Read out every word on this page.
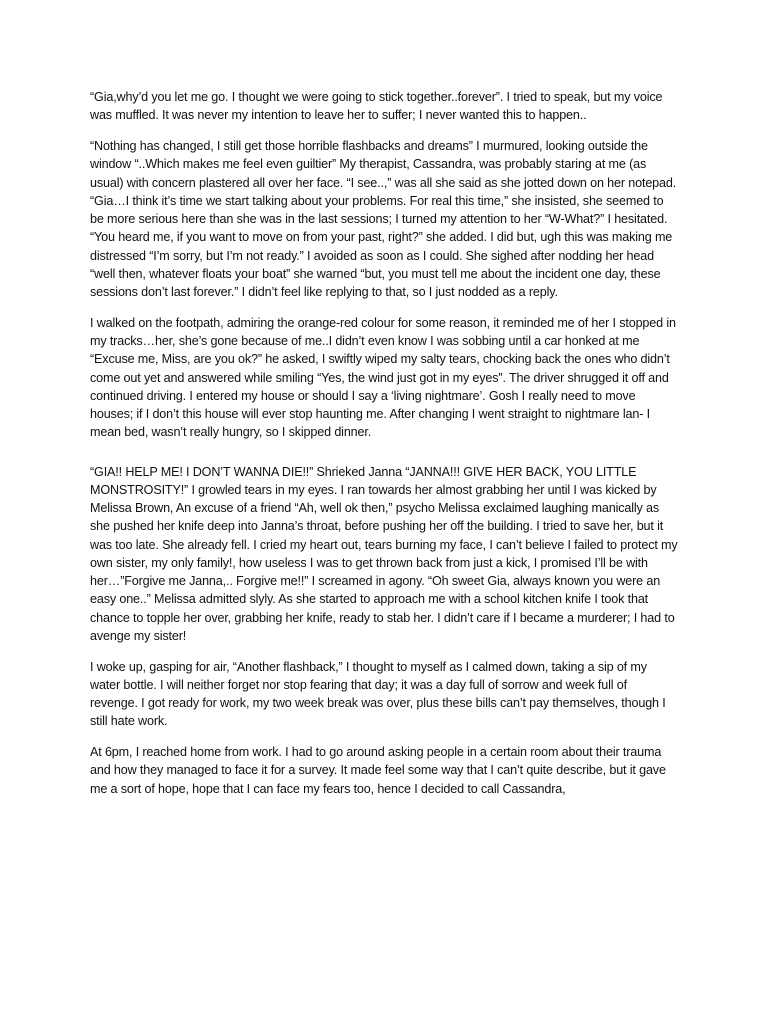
“Gia,why’d you let me go. I thought we were going to stick together..forever”. I tried to speak, but my voice was muffled. It was never my intention to leave her to suffer; I never wanted this to happen..

“Nothing has changed, I still get those horrible flashbacks and dreams” I murmured, looking outside the window “..Which makes me feel even guiltier” My therapist, Cassandra, was probably staring at me (as usual) with concern plastered all over her face. “I see..,” was all she said as she jotted down on her notepad. “Gia…I think it’s time we start talking about your problems. For real this time,” she insisted, she seemed to be more serious here than she was in the last sessions; I turned my attention to her “W-What?” I hesitated. “You heard me, if you want to move on from your past, right?” she added. I did but, ugh this was making me distressed “I’m sorry, but I’m not ready.” I avoided as soon as I could. She sighed after nodding her head “well then, whatever floats your boat” she warned “but, you must tell me about the incident one day, these sessions don’t last forever.” I didn’t feel like replying to that, so I just nodded as a reply.

I walked on the footpath, admiring the orange-red colour for some reason, it reminded me of her I stopped in my tracks…her, she’s gone because of me..I didn’t even know I was sobbing until a car honked at me “Excuse me, Miss, are you ok?” he asked, I swiftly wiped my salty tears, chocking back the ones who didn’t come out yet and answered while smiling “Yes, the wind just got in my eyes”. The driver shrugged it off and continued driving. I entered my house or should I say a ‘living nightmare’. Gosh I really need to move houses; if I don’t this house will ever stop haunting me. After changing I went straight to nightmare lan- I mean bed, wasn’t really hungry, so I skipped dinner.

“GIA!! HELP ME! I DON’T WANNA DIE!!” Shrieked Janna “JANNA!!! GIVE HER BACK, YOU LITTLE MONSTROSITY!” I growled tears in my eyes. I ran towards her almost grabbing her until I was kicked by Melissa Brown, An excuse of a friend “Ah, well ok then,” psycho Melissa exclaimed laughing manically as she pushed her knife deep into Janna’s throat, before pushing her off the building. I tried to save her, but it was too late. She already fell. I cried my heart out, tears burning my face, I can’t believe I failed to protect my own sister, my only family!, how useless I was to get thrown back from just a kick, I promised I’ll be with her…”Forgive me Janna,.. Forgive me!!” I screamed in agony. “Oh sweet Gia, always known you were an easy one..” Melissa admitted slyly. As she started to approach me with a school kitchen knife I took that chance to topple her over, grabbing her knife, ready to stab her. I didn’t care if I became a murderer; I had to avenge my sister!

I woke up, gasping for air, “Another flashback,” I thought to myself as I calmed down, taking a sip of my water bottle. I will neither forget nor stop fearing that day; it was a day full of sorrow and week full of revenge. I got ready for work, my two week break was over, plus these bills can’t pay themselves, though I still hate work.

At 6pm, I reached home from work. I had to go around asking people in a certain room about their trauma and how they managed to face it for a survey. It made feel some way that I can’t quite describe, but it gave me a sort of hope, hope that I can face my fears too, hence I decided to call Cassandra,
